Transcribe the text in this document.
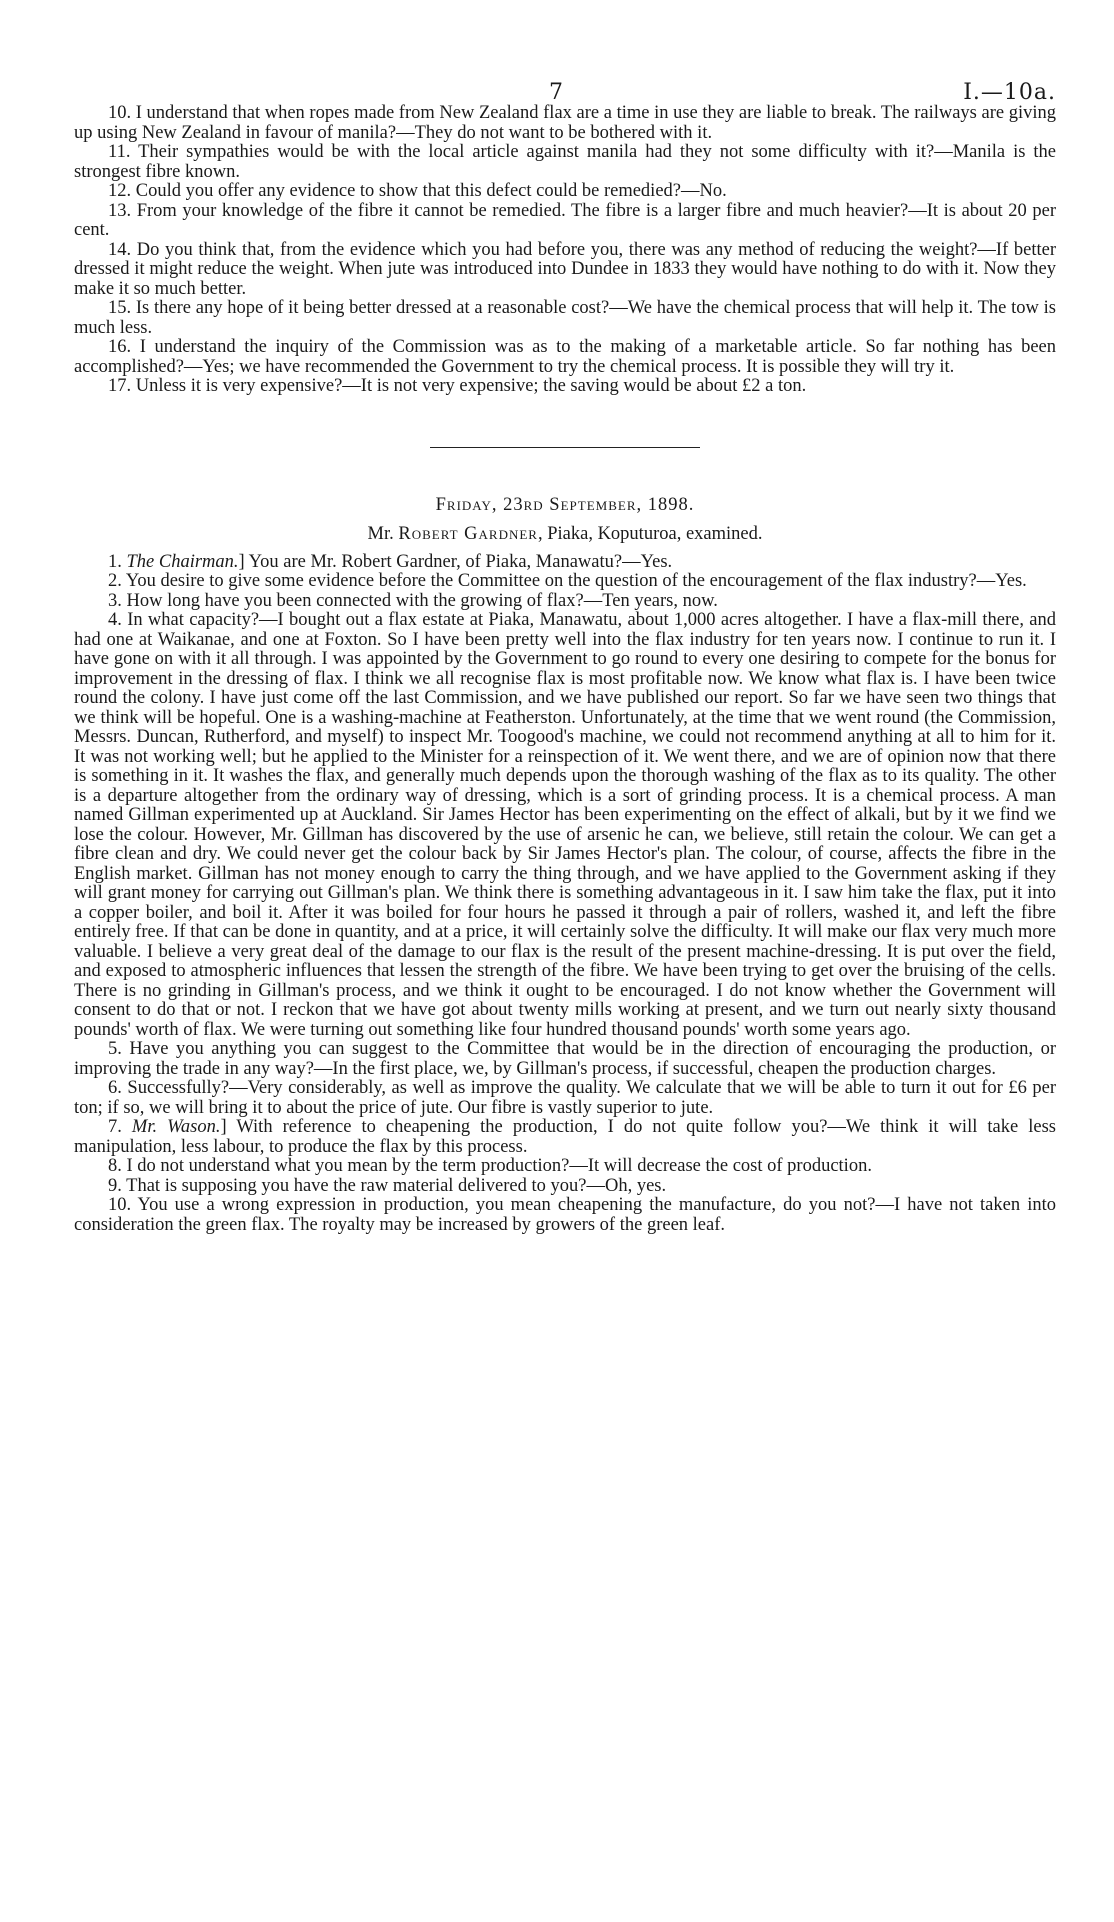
7	I.—10a.

10. I understand that when ropes made from New Zealand flax are a time in use they are liable to break. The railways are giving up using New Zealand in favour of manila?—They do not want to be bothered with it.

11. Their sympathies would be with the local article against manila had they not some difficulty with it?—Manila is the strongest fibre known.

12. Could you offer any evidence to show that this defect could be remedied?—No.

13. From your knowledge of the fibre it cannot be remedied. The fibre is a larger fibre and much heavier?—It is about 20 per cent.

14. Do you think that, from the evidence which you had before you, there was any method of reducing the weight?—If better dressed it might reduce the weight. When jute was introduced into Dundee in 1833 they would have nothing to do with it. Now they make it so much better.

15. Is there any hope of it being better dressed at a reasonable cost?—We have the chemical process that will help it. The tow is much less.

16. I understand the inquiry of the Commission was as to the making of a marketable article. So far nothing has been accomplished?—Yes; we have recommended the Government to try the chemical process. It is possible they will try it.

17. Unless it is very expensive?—It is not very expensive; the saving would be about £2 a ton.

Friday, 23rd September, 1898.

Mr. Robert Gardner, Piaka, Koputuroa, examined.

1. The Chairman.] You are Mr. Robert Gardner, of Piaka, Manawatu?—Yes.

2. You desire to give some evidence before the Committee on the question of the encouragement of the flax industry?—Yes.

3. How long have you been connected with the growing of flax?—Ten years, now.

4. In what capacity?—I bought out a flax estate at Piaka, Manawatu, about 1,000 acres altogether. I have a flax-mill there, and had one at Waikanae, and one at Foxton. So I have been pretty well into the flax industry for ten years now. I continue to run it. I have gone on with it all through. I was appointed by the Government to go round to every one desiring to compete for the bonus for improvement in the dressing of flax. I think we all recognise flax is most profitable now. We know what flax is. I have been twice round the colony. I have just come off the last Commission, and we have published our report. So far we have seen two things that we think will be hopeful. One is a washing-machine at Featherston. Unfortunately, at the time that we went round (the Commission, Messrs. Duncan, Rutherford, and myself) to inspect Mr. Toogood's machine, we could not recommend anything at all to him for it. It was not working well; but he applied to the Minister for a reinspection of it. We went there, and we are of opinion now that there is something in it. It washes the flax, and generally much depends upon the thorough washing of the flax as to its quality. The other is a departure altogether from the ordinary way of dressing, which is a sort of grinding process. It is a chemical process. A man named Gillman experimented up at Auckland. Sir James Hector has been experimenting on the effect of alkali, but by it we find we lose the colour. However, Mr. Gillman has discovered by the use of arsenic he can, we believe, still retain the colour. We can get a fibre clean and dry. We could never get the colour back by Sir James Hector's plan. The colour, of course, affects the fibre in the English market. Gillman has not money enough to carry the thing through, and we have applied to the Government asking if they will grant money for carrying out Gillman's plan. We think there is something advantageous in it. I saw him take the flax, put it into a copper boiler, and boil it. After it was boiled for four hours he passed it through a pair of rollers, washed it, and left the fibre entirely free. If that can be done in quantity, and at a price, it will certainly solve the difficulty. It will make our flax very much more valuable. I believe a very great deal of the damage to our flax is the result of the present machine-dressing. It is put over the field, and exposed to atmospheric influences that lessen the strength of the fibre. We have been trying to get over the bruising of the cells. There is no grinding in Gillman's process, and we think it ought to be encouraged. I do not know whether the Government will consent to do that or not. I reckon that we have got about twenty mills working at present, and we turn out nearly sixty thousand pounds' worth of flax. We were turning out something like four hundred thousand pounds' worth some years ago.

5. Have you anything you can suggest to the Committee that would be in the direction of encouraging the production, or improving the trade in any way?—In the first place, we, by Gillman's process, if successful, cheapen the production charges.

6. Successfully?—Very considerably, as well as improve the quality. We calculate that we will be able to turn it out for £6 per ton; if so, we will bring it to about the price of jute. Our fibre is vastly superior to jute.

7. Mr. Wason.] With reference to cheapening the production, I do not quite follow you?—We think it will take less manipulation, less labour, to produce the flax by this process.

8. I do not understand what you mean by the term production?—It will decrease the cost of production.

9. That is supposing you have the raw material delivered to you?—Oh, yes.

10. You use a wrong expression in production, you mean cheapening the manufacture, do you not?—I have not taken into consideration the green flax. The royalty may be increased by growers of the green leaf.
